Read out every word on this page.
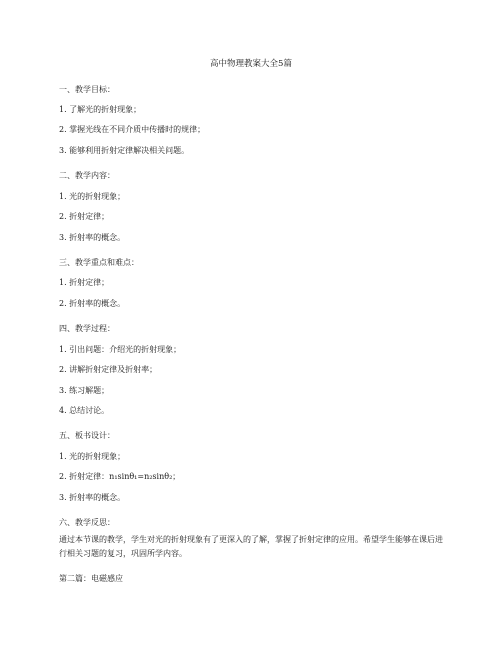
高中物理教案大全5篇
一、教学目标：
1. 了解光的折射现象；
2. 掌握光线在不同介质中传播时的规律；
3. 能够利用折射定律解决相关问题。
二、教学内容：
1. 光的折射现象；
2. 折射定律；
3. 折射率的概念。
三、教学重点和难点：
1. 折射定律；
2. 折射率的概念。
四、教学过程：
1. 引出问题：介绍光的折射现象；
2. 讲解折射定律及折射率；
3. 练习解题；
4. 总结讨论。
五、板书设计：
1. 光的折射现象；
2. 折射定律：n₁sinθ₁=n₂sinθ₂；
3. 折射率的概念。
六、教学反思：
通过本节课的教学，学生对光的折射现象有了更深入的了解，掌握了折射定律的应用。希望学生能够在课后进行相关习题的复习，巩固所学内容。
第二篇：电磁感应
